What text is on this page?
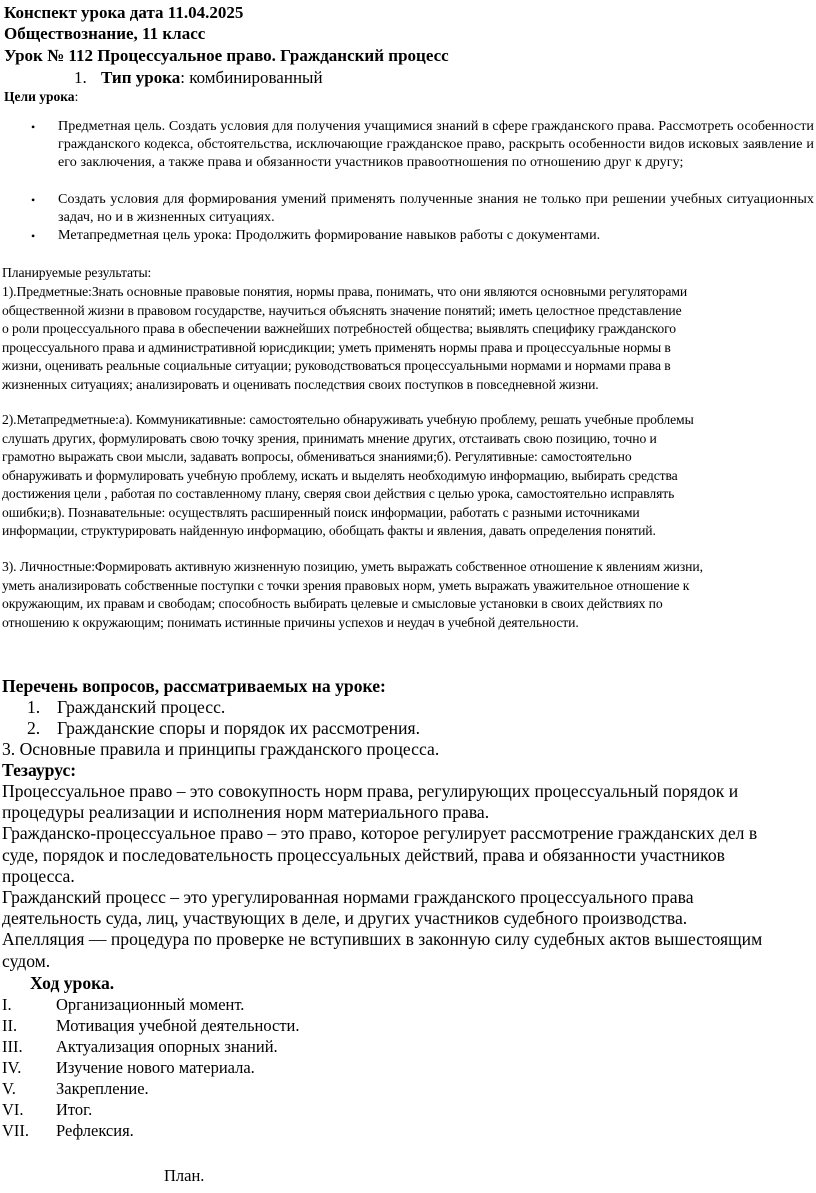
Конспект урока дата 11.04.2025
Обществознание, 11 класс
Урок № 112 Процессуальное право. Гражданский процесс
1. Тип урока: комбинированный
Цели урока:
• Предметная цель. Создать условия для получения учащимися знаний в сфере гражданского права. Рассмотреть особенности гражданского кодекса, обстоятельства, исключающие гражданское право, раскрыть особенности видов исковых заявление и его заключения, а также права и обязанности участников правоотношения по отношению друг к другу;
• Создать условия для формирования умений применять полученные знания не только при решении учебных ситуационных задач, но и в жизненных ситуациях.
• Метапредметная цель урока: Продолжить формирование навыков работы с документами.
Планируемые результаты:
1).Предметные:Знать основные правовые понятия, нормы права, понимать, что они являются основными регуляторами
общественной жизни в правовом государстве, научиться объяснять значение понятий; иметь целостное представление
о роли процессуального права в обеспечении важнейших потребностей общества; выявлять специфику гражданского
процессуального права и административной юрисдикции; уметь применять нормы права и процессуальные нормы в
жизни, оценивать реальные социальные ситуации; руководствоваться процессуальными нормами и нормами права в
жизненных ситуациях; анализировать и оценивать последствия своих поступков в повседневной жизни.
2).Метапредметные:а). Коммуникативные: самостоятельно обнаруживать учебную проблему, решать учебные проблемы
слушать других, формулировать свою точку зрения, принимать мнение других, отстаивать свою позицию, точно и
грамотно выражать свои мысли, задавать вопросы, обмениваться знаниями;б). Регулятивные: самостоятельно
обнаруживать и формулировать учебную проблему, искать и выделять необходимую информацию, выбирать средства
достижения цели , работая по составленному плану, сверяя свои действия с целью урока, самостоятельно исправлять
ошибки;в). Познавательные: осуществлять расширенный поиск информации, работать с разными источниками
информации, структурировать найденную информацию, обобщать факты и явления, давать определения понятий.
3). Личностные:Формировать активную жизненную позицию, уметь выражать собственное отношение к явлениям жизни,
уметь анализировать собственные поступки с точки зрения правовых норм, уметь выражать уважительное отношение к
окружающим, их правам и свободам; способность выбирать целевые и смысловые установки в своих действиях по
отношению к окружающим; понимать истинные причины успехов и неудач в учебной деятельности.
Перечень вопросов, рассматриваемых на уроке:
1. Гражданский процесс.
2. Гражданские споры и порядок их рассмотрения.
3. Основные правила и принципы гражданского процесса.
Тезаурус:
Процессуальное право – это совокупность норм права, регулирующих процессуальный порядок и
процедуры реализации и исполнения норм материального права.
Гражданско-процессуальное право – это право, которое регулирует рассмотрение гражданских дел в
суде, порядок и последовательность процессуальных действий, права и обязанности участников
процесса.
Гражданский процесс – это урегулированная нормами гражданского процессуального права
деятельность суда, лиц, участвующих в деле, и других участников судебного производства.
Апелляция — процедура по проверке не вступивших в законную силу судебных актов вышестоящим
судом.
Ход урока.
I.	Организационный момент.
II. Мотивация учебной деятельности.
III. Актуализация опорных знаний.
IV. Изучение нового материала.
V. Закрепление.
VI. Итог.
VII. Рефлексия.
План.
